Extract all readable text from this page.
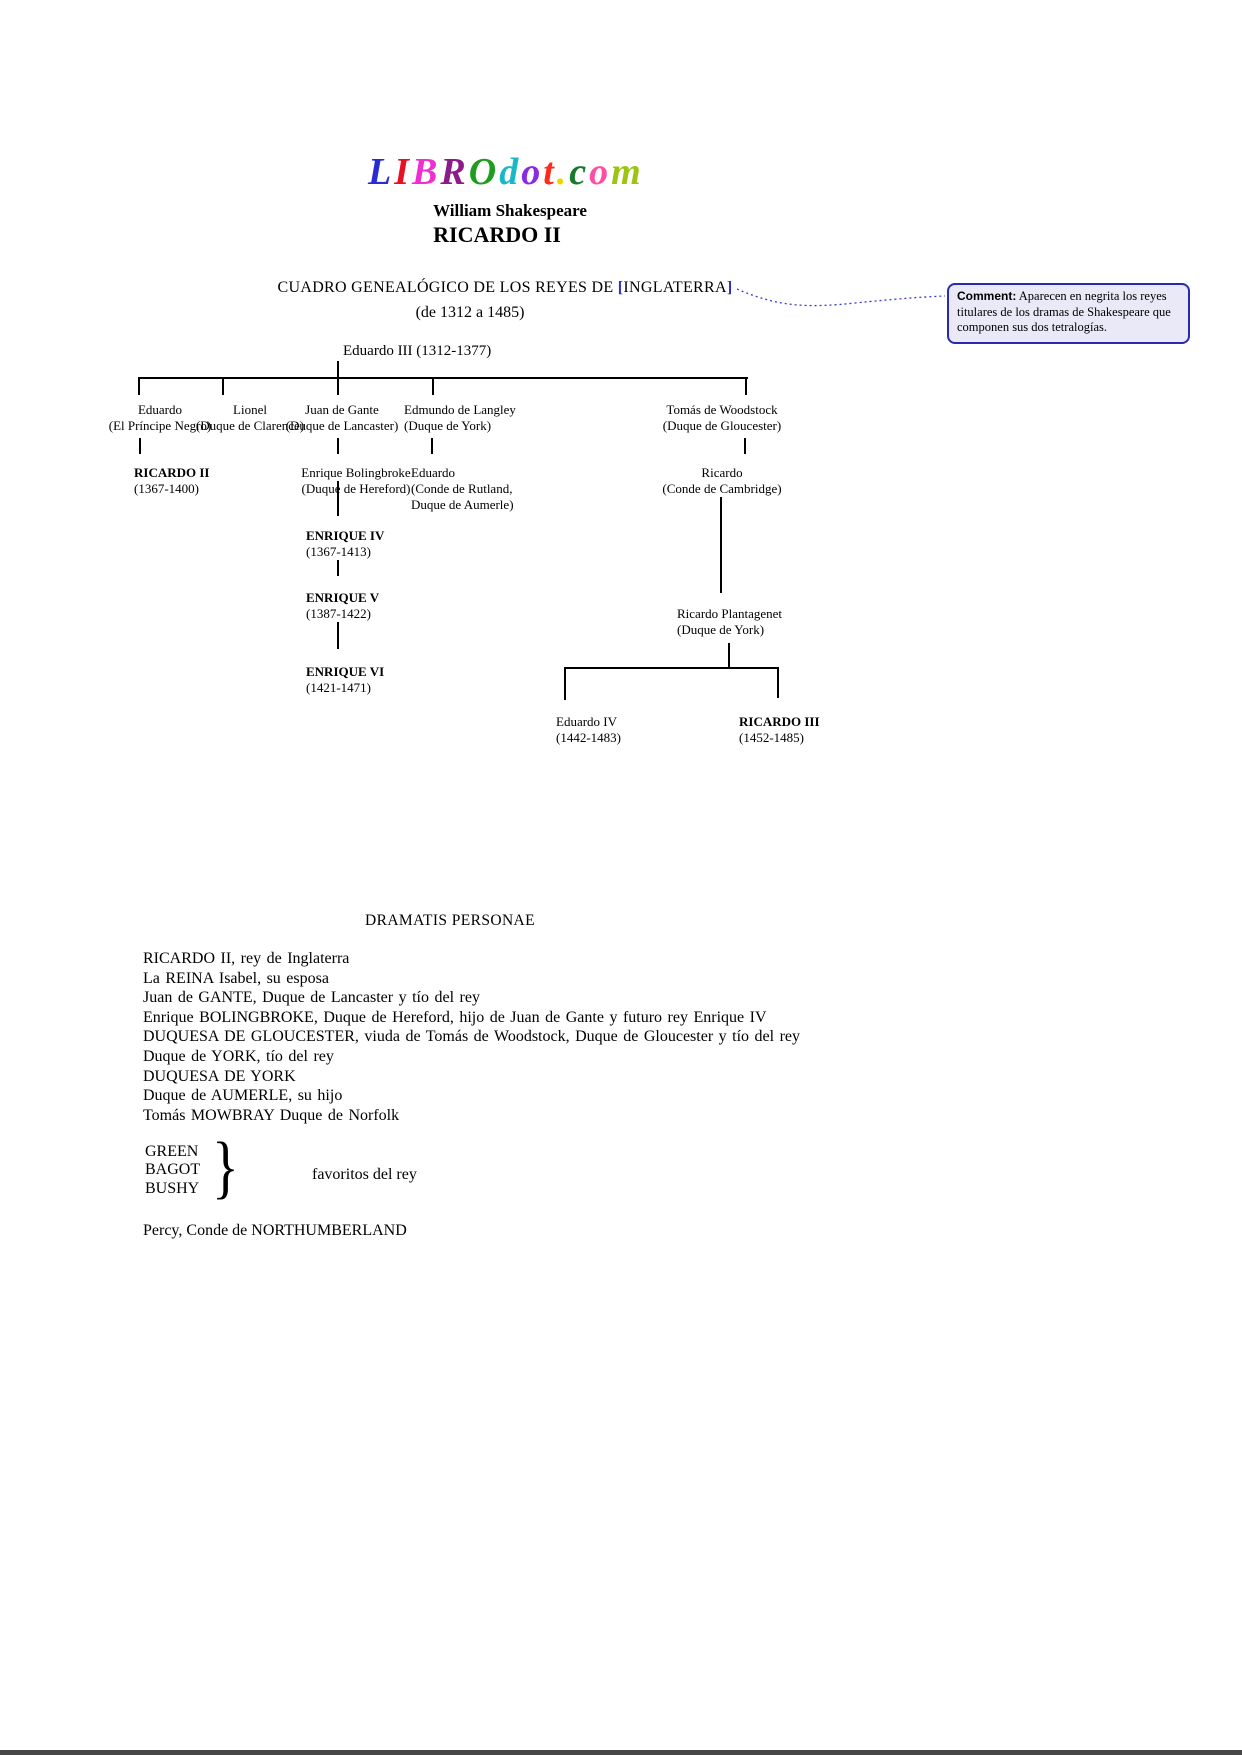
LIBROdot.com
William Shakespeare
RICARDO II
CUADRO GENEALÓGICO DE LOS REYES DE [INGLATERRA]
(de 1312 a 1485)
Comment: Aparecen en negrita los reyes titulares de los dramas de Shakespeare que componen sus dos tetralogías.
Eduardo III (1312-1377)
Eduardo
(El Príncipe Negro)
Lionel
(Duque de Clarence)
Juan de Gante
(Duque de Lancaster)
Edmundo de Langley
(Duque de York)
Tomás de Woodstock
(Duque de Gloucester)
RICARDO II
(1367-1400)
Enrique Bolingbroke
(Duque de Hereford)
Eduardo
(Conde de Rutland,
Duque de Aumerle)
Ricardo
(Conde de Cambridge)
ENRIQUE IV
(1367-1413)
ENRIQUE V
(1387-1422)
ENRIQUE VI
(1421-1471)
Ricardo Plantagenet
(Duque de York)
Eduardo IV
(1442-1483)
RICARDO III
(1452-1485)
DRAMATIS PERSONAE
RICARDO II, rey de Inglaterra
La REINA Isabel, su esposa
Juan de GANTE, Duque de Lancaster y tío del rey
Enrique BOLINGBROKE, Duque de Hereford, hijo de Juan de Gante y futuro rey Enrique IV
DUQUESA DE GLOUCESTER, viuda de Tomás de Woodstock, Duque de Gloucester y tío del rey
Duque de YORK, tío del rey
DUQUESA DE YORK
Duque de AUMERLE, su hijo
Tomás MOWBRAY Duque de Norfolk
GREEN
BAGOT
BUSHY }	favoritos del rey
Percy, Conde de NORTHUMBERLAND
